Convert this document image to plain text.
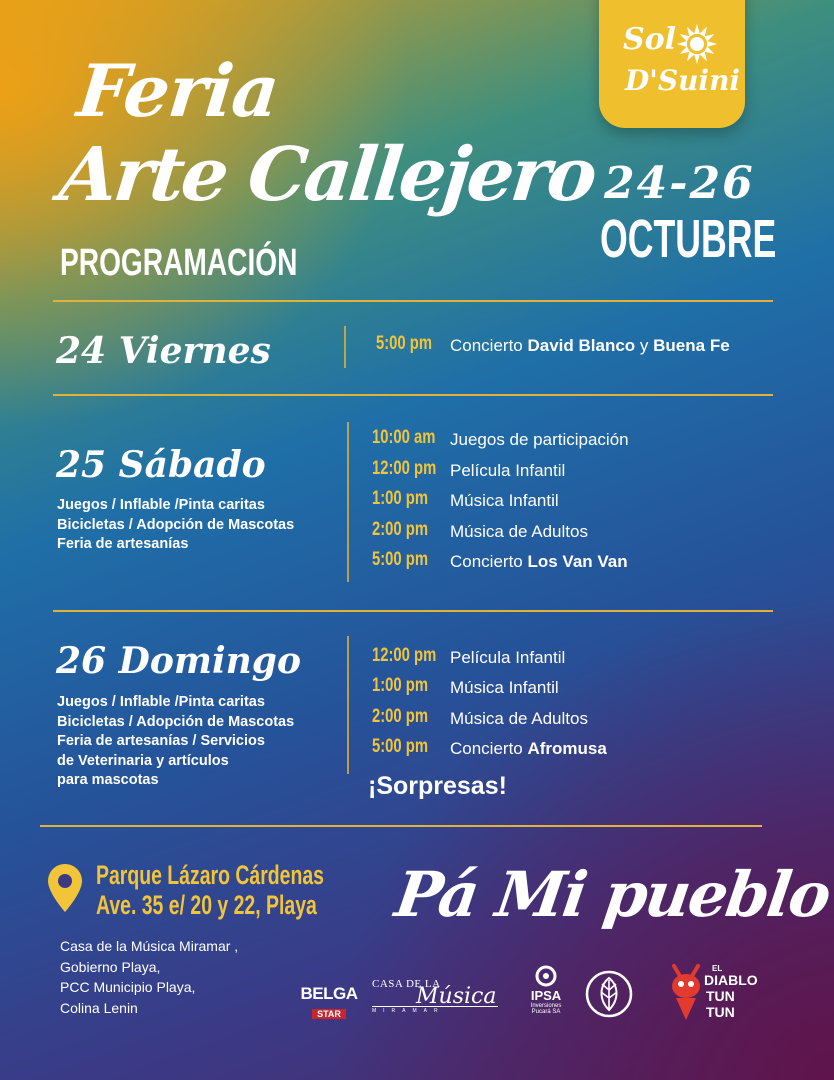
Sol
D'Suini
Feria
Arte Callejero
PROGRAMACIÓN
24-26
OCTUBRE
24 Viernes	5:00 pm Concierto David Blanco y Buena Fe
25 Sábado
Juegos / Inflable /Pinta caritas
Bicicletas / Adopción de Mascotas
Feria de artesanías
10:00 am Juegos de participación
12:00 pm Película Infantil
1:00 pm Música Infantil
2:00 pm Música de Adultos
5:00 pm Concierto Los Van Van
26 Domingo
Juegos / Inflable /Pinta caritas
Bicicletas / Adopción de Mascotas
Feria de artesanías / Servicios
de Veterinaria y artículos
para mascotas
12:00 pm Película Infantil
1:00 pm Música Infantil
2:00 pm Música de Adultos
5:00 pm Concierto Afromusa
¡Sorpresas!
Parque Lázaro Cárdenas
Ave. 35 e/ 20 y 22, Playa Pá Mi pueblo
Casa de la Música Miramar ,
Gobierno Playa,
PCC Municipio Playa,
Colina Lenin
BELGA
STAR
CASA DE LA
Música
MIRAMAR
IPSA
Inversiones
Pucará SA
EL
DIABLO
TUN TUN
